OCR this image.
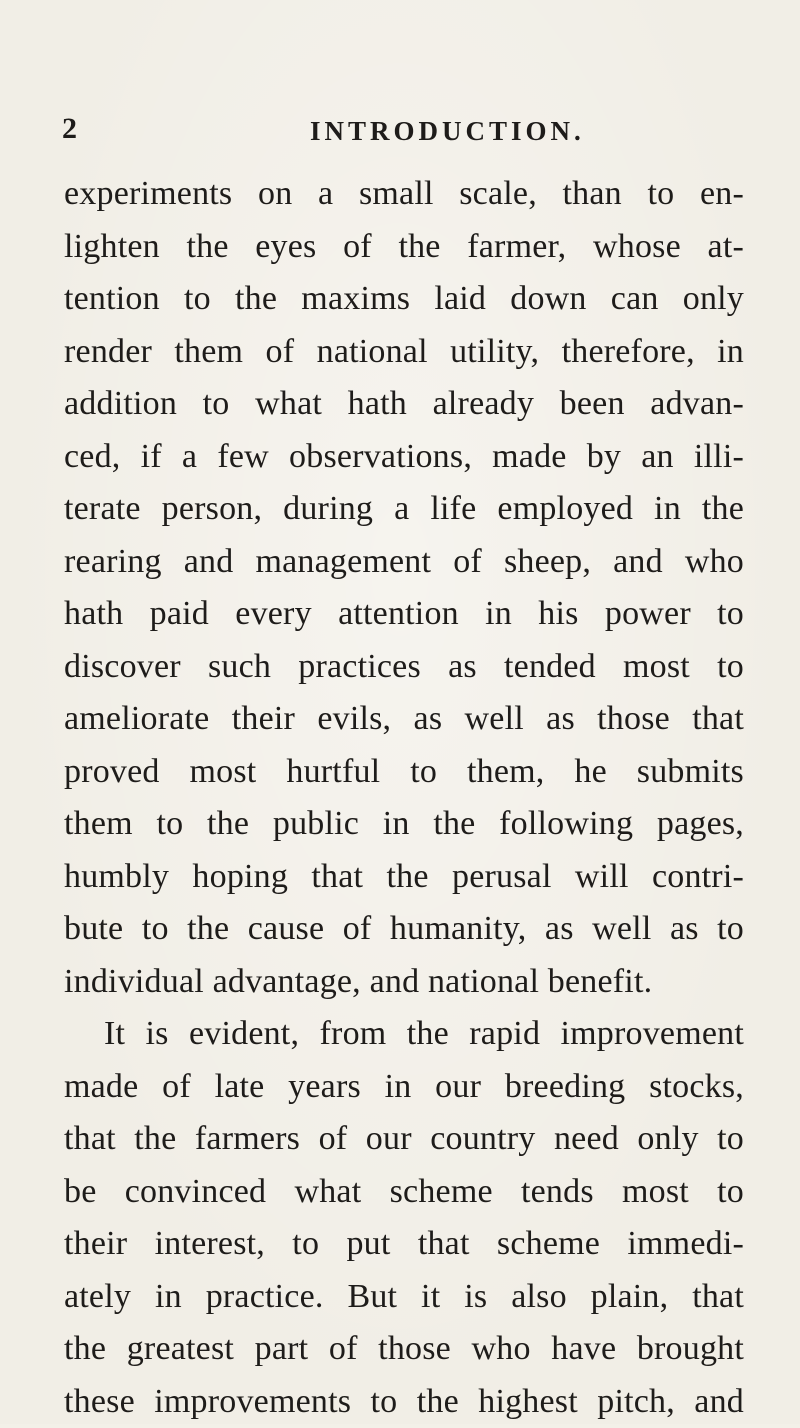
2	INTRODUCTION.
experiments on a small scale, than to en-
lighten the eyes of the farmer, whose at-
tention to the maxims laid down can only
render them of national utility, therefore, in
addition to what hath already been advan-
ced, if a few observations, made by an illi-
terate person, during a life employed in the
rearing and management of sheep, and who
hath paid every attention in his power to
discover such practices as tended most to
ameliorate their evils, as well as those that
proved most hurtful to them, he submits
them to the public in the following pages,
humbly hoping that the perusal will contri-
bute to the cause of humanity, as well as to
individual advantage, and national benefit.
It is evident, from the rapid improvement
made of late years in our breeding stocks,
that the farmers of our country need only to
be convinced what scheme tends most to
their interest, to put that scheme immedi-
ately in practice. But it is also plain, that
the greatest part of those who have brought
these improvements to the highest pitch, and
